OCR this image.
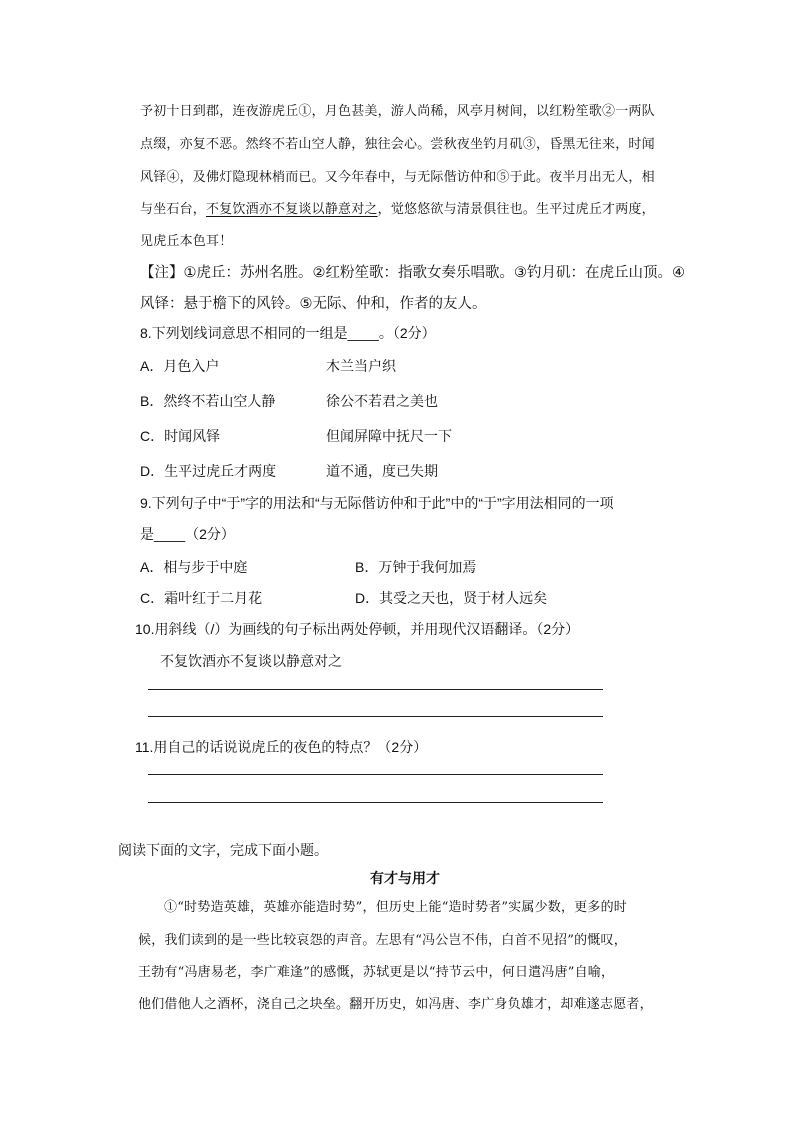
予初十日到郡，连夜游虎丘①，月色甚美，游人尚稀，风亭月树间，以红粉笙歌②一两队
点缀，亦复不恶。然终不若山空人静，独往会心。尝秋夜坐钓月矶③，昏黑无往来，时闻
风铎④，及佛灯隐现林梢而已。又今年春中，与无际偕访仲和⑤于此。夜半月出无人，相
与坐石台，不复饮酒亦不复谈以静意对之，觉悠悠欲与清景俱往也。生平过虎丘才两度，
见虎丘本色耳！
【注】①虎丘：苏州名胜。②红粉笙歌：指歌女奏乐唱歌。③钓月矶：在虎丘山顶。④
风铎：悬于檐下的风铃。⑤无际、仲和，作者的友人。
8.下列划线词意思不相同的一组是____。（2分）
A．月色入户	木兰当户织
B．然终不若山空人静	徐公不若君之美也
C．时闻风铎	但闻屏障中抚尺一下
D．生平过虎丘才两度	道不通，度已失期
9.下列句子中“于”字的用法和“与无际偕访仲和于此”中的“于”字用法相同的一项
是____（2分）
A．相与步于中庭	B．万钟于我何加焉
C．霜叶红于二月花	D．其受之天也，贤于材人远矣
10.用斜线（/）为画线的句子标出两处停顿，并用现代汉语翻译。（2分）
不复饮酒亦不复谈以静意对之
11.用自己的话说说虎丘的夜色的特点？（2分）
阅读下面的文字，完成下面小题。
有才与用才
①“时势造英雄，英雄亦能造时势”，但历史上能“造时势者”实属少数，更多的时
候，我们读到的是一些比较哀怨的声音。左思有“冯公岂不伟，白首不见招”的慨叹，
王勃有“冯唐易老，李广难逢”的感慨，苏轼更是以“持节云中，何日遣冯唐”自喻，
他们借他人之酒杯，浇自己之块垒。翻开历史，如冯唐、李广身负雄才，却难遂志愿者，
